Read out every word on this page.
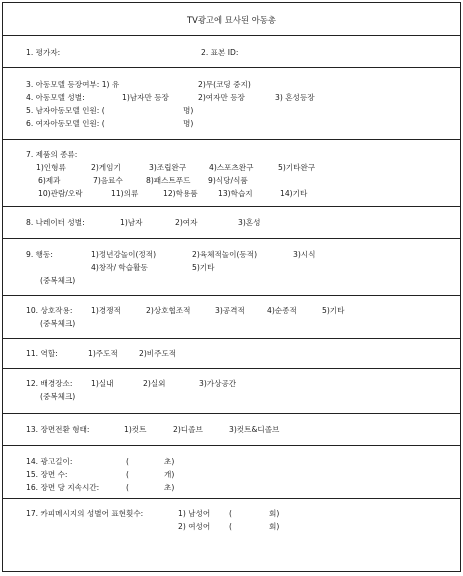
TV광고에 묘사된 아동총
1. 평가자:	2. 표본 ID:
3. 아동모델 등장여부: 1) 유	2)무(코딩 중지)
4. 아동모델 성별:	1)남자만 등장	2)여자만 등장	3) 혼성등장
5. 남자아동모델 인원: (	명)
6. 여자아동모델 인원: (	명)
7. 제품의 종류:
1)인형류	2)게임기	3)조립완구	4)스포츠완구	5)기타완구
6)제과	7)음료수	8)패스트푸드 9)식당/식품
10)관람/오락	11)의류	12)학용품	13)학습지	14)기타
8. 나레이터 성별:	1)남자	2)여자	3)혼성
9. 행동:	1)정년강놀이(정적)	2)육체적놀이(동적)	3)시식
4)창작/ 학습활동	5)기타
(중복체크)
10. 상호작용: 1)경쟁적	2)상호협조적	3)공격적	4)순종적	5)기타
(중복체크)
11. 역할:	1)주도적	2)비주도적
12. 배경장소: 1)실내	2)실외	3)가상공간
(중복체크)
13. 장면전환 형태:	1)컷트	2)디졸브	3)컷트&디졸브
14. 광고길이:	(	초)
15. 장면 수:	(	개)
16. 장면 당 지속시간:	(	초)
17. 카피메시지의 성별어 표현횟수:	1) 남성어 (	회)
2) 여성어 (	회)
